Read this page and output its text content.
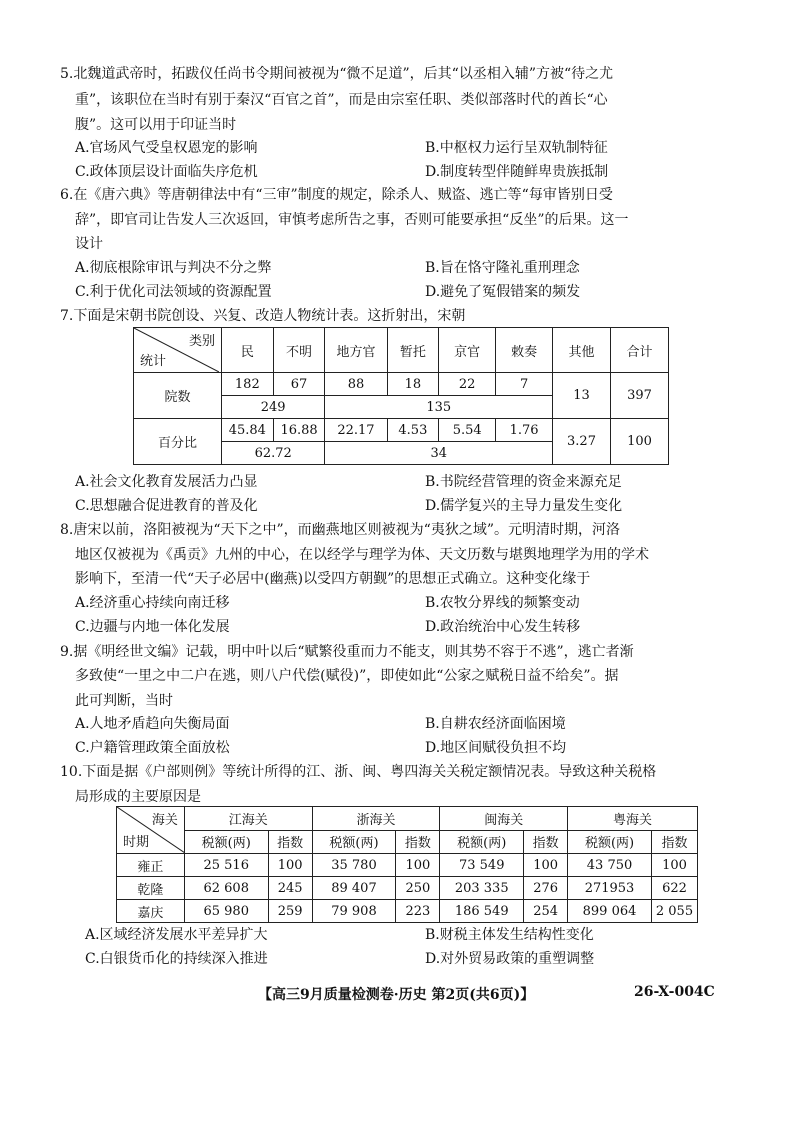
5.北魏道武帝时，拓跋仪任尚书令期间被视为“微不足道”，后其“以丞相入辅”方被“待之尤
重”，该职位在当时有别于秦汉“百官之首”，而是由宗室任职、类似部落时代的酋长“心
腹”。这可以用于印证当时
A.官场风气受皇权恩宠的影响	B.中枢权力运行呈双轨制特征
C.政体顶层设计面临失序危机	D.制度转型伴随鲜卑贵族抵制
6.在《唐六典》等唐朝律法中有“三审”制度的规定，除杀人、贼盗、逃亡等“每审皆别日受
辞”，即官司让告发人三次返回，审慎考虑所告之事，否则可能要承担“反坐”的后果。这一
设计
A.彻底根除审讯与判决不分之弊	B.旨在恪守隆礼重刑理念
C.利于优化司法领域的资源配置	D.避免了冤假错案的频发
7.下面是宋朝书院创设、兴复、改造人物统计表。这折射出，宋朝
类别
统计	民	不明	地方官	暂托	京官	敕奏	其他	合计
院数	182	67	88	18	22	7	13	397
	249		135					
百分比	45.84	16.88	22.17	4.53	5.54	1.76	3.27	100
	62.72		34					
A.社会文化教育发展活力凸显	B.书院经营管理的资金来源充足
C.思想融合促进教育的普及化	D.儒学复兴的主导力量发生变化
8.唐宋以前，洛阳被视为“天下之中”，而幽燕地区则被视为“夷狄之域”。元明清时期，河洛
地区仅被视为《禹贡》九州的中心，在以经学与理学为体、天文历数与堪舆地理学为用的学术
影响下，至清一代“天子必居中(幽燕)以受四方朝觐”的思想正式确立。这种变化缘于
A.经济重心持续向南迁移	B.农牧分界线的频繁变动
C.边疆与内地一体化发展	D.政治统治中心发生转移
9.据《明经世文编》记载，明中叶以后“赋繁役重而力不能支，则其势不容于不逃”，逃亡者渐
多致使“一里之中二户在逃，则八户代偿(赋役)”，即使如此“公家之赋税日益不给矣”。据
此可判断，当时
A.人地矛盾趋向失衡局面	B.自耕农经济面临困境
C.户籍管理政策全面放松	D.地区间赋役负担不均
10.下面是据《户部则例》等统计所得的江、浙、闽、粤四海关关税定额情况表。导致这种关税格
局形成的主要原因是
海关
时期	江海关		浙海关		闽海关		粤海关	
	税额(两)	指数	税额(两)	指数	税额(两)	指数	税额(两)	指数
雍正	25 516	100	35 780	100	73 549	100	43 750	100
乾隆	62 608	245	89 407	250	203 335	276	271953	622
嘉庆	65 980	259	79 908	223	186 549	254	899 064	2 055
A.区域经济发展水平差异扩大	B.财税主体发生结构性变化
C.白银货币化的持续深入推进	D.对外贸易政策的重塑调整
【高三9月质量检测卷·历史 第2页(共6页)】	26-X-004C
